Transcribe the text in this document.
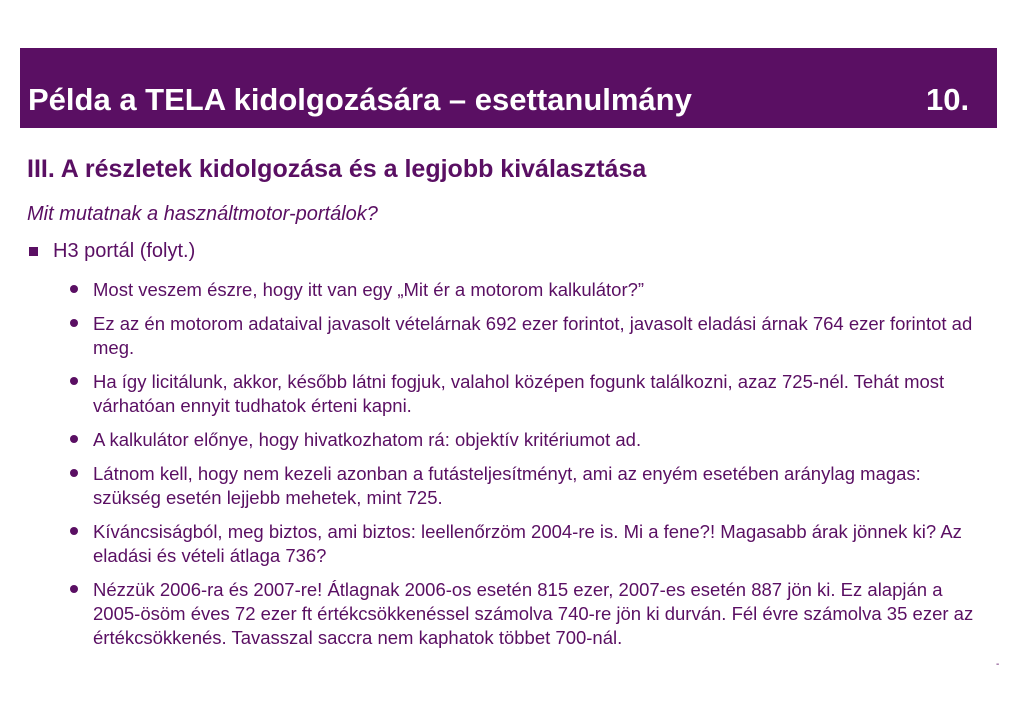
Példa a TELA kidolgozására – esettanulmány	10.
-
-
III. A részletek kidolgozása és a legjobb kiválasztása
Mit mutatnak a használtmotor-portálok?
H3 portál (folyt.)
Most veszem észre, hogy itt van egy „Mit ér a motorom kalkulátor?”
Ez az én motorom adataival javasolt vételárnak 692 ezer forintot, javasolt eladási árnak 764 ezer forintot ad meg.
Ha így licitálunk, akkor, később látni fogjuk, valahol középen fogunk találkozni, azaz 725-nél. Tehát most várhatóan ennyit tudhatok érteni kapni.
A kalkulátor előnye, hogy hivatkozhatom rá: objektív kritériumot ad.
Látnom kell, hogy nem kezeli azonban a futásteljesítményt, ami az enyém esetében aránylag magas: szükség esetén lejjebb mehetek, mint 725.
Kíváncsiságból, meg biztos, ami biztos: leellenőrzöm 2004-re is. Mi a fene?! Magasabb árak jönnek ki? Az eladási és vételi átlaga 736?
Nézzük 2006-ra és 2007-re! Átlagnak 2006-os esetén 815 ezer, 2007-es esetén 887 jön ki. Ez alapján a 2005-ösöm éves 72 ezer ft értékcsökkenéssel számolva 740-re jön ki durván. Fél évre számolva 35 ezer az értékcsökkenés. Tavasszal saccra nem kaphatok többet 700-nál.
